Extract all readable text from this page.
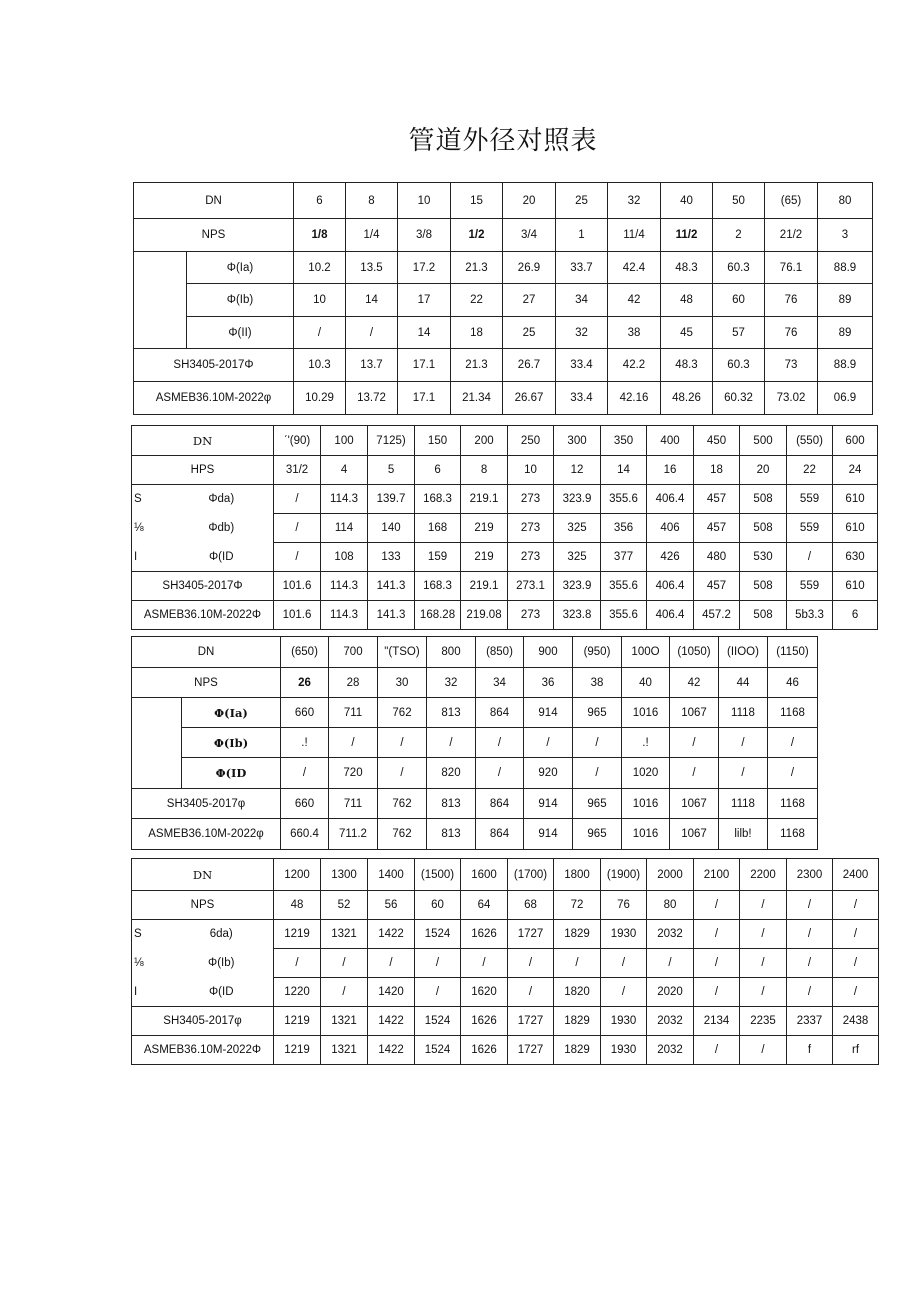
管道外径对照表
DN		6	8	10	15	20	25	32	40	50	(65)	80
NPS		1/8	1/4	3/8	1/2	3/4	1	11/4	11/2	2	21/2	3
	Φ(Ia)	10.2	13.5	17.2	21.3	26.9	33.7	42.4	48.3	60.3	76.1	88.9
	Φ(Ib)	10	14	17	22	27	34	42	48	60	76	89
	Φ(II)	/	/	14	18	25	32	38	45	57	76	89
SH3405-2017Φ		10.3	13.7	17.1	21.3	26.7	33.4	42.2	48.3	60.3	73	88.9
ASMEB36.10M-2022φ		10.29	13.72	17.1	21.34	26.67	33.4	42.16	48.26	60.32	73.02	06.9
DN		ˊ'(90)	100	7125)	150	200	250	300	350	400	450	500	(550)	600
HPS		31/2	4	5	6	8	10	12	14	16	18	20	22	24
S	Φda)	/	114.3	139.7	168.3	219.1	273	323.9	355.6	406.4	457	508	559	610
⅛	Φdb)	/	114	140	168	219	273	325	356	406	457	508	559	610
I	Φ(ID	/	108	133	159	219	273	325	377	426	480	530	/	630
SH3405-2017Φ		101.6	114.3	141.3	168.3	219.1	273.1	323.9	355.6	406.4	457	508	559	610
ASMEB36.10M-2022Φ		101.6	114.3	141.3	168.28	219.08	273	323.8	355.6	406.4	457.2	508	5b3.3	6
DN		(650)	700	"(TSO)	800	(850)	900	(950)	100O	(1050)	(IIOO)	(1150)
NPS		26	28	30	32	34	36	38	40	42	44	46
	Φ(Ia)	660	711	762	813	864	914	965	1016	1067	1118	1168
	Φ(Ib)	.!	/	/	/	/	/	/	.!	/	/	/
	Φ(ID	/	720	/	820	/	920	/	1020	/	/	/
SH3405-2017φ		660	711	762	813	864	914	965	1016	1067	1118	1168
ASMEB36.10M-2022φ		660.4	711.2	762	813	864	914	965	1016	1067	lilb!	1168
DN		1200	1300	1400	(1500)	1600	(1700)	1800	(1900)	2000	2100	2200	2300	2400
NPS		48	52	56	60	64	68	72	76	80	/	/	/	/
S	6da)	1219	1321	1422	1524	1626	1727	1829	1930	2032	/	/	/	/
⅛	Φ(Ib)	/	/	/	/	/	/	/	/	/	/	/	/	/
I	Φ(ID	1220	/	1420	/	1620	/	1820	/	2020	/	/	/	/
SH3405-2017φ		1219	1321	1422	1524	1626	1727	1829	1930	2032	2134	2235	2337	2438
ASMEB36.10M-2022Φ		1219	1321	1422	1524	1626	1727	1829	1930	2032	/	/	f	rf
